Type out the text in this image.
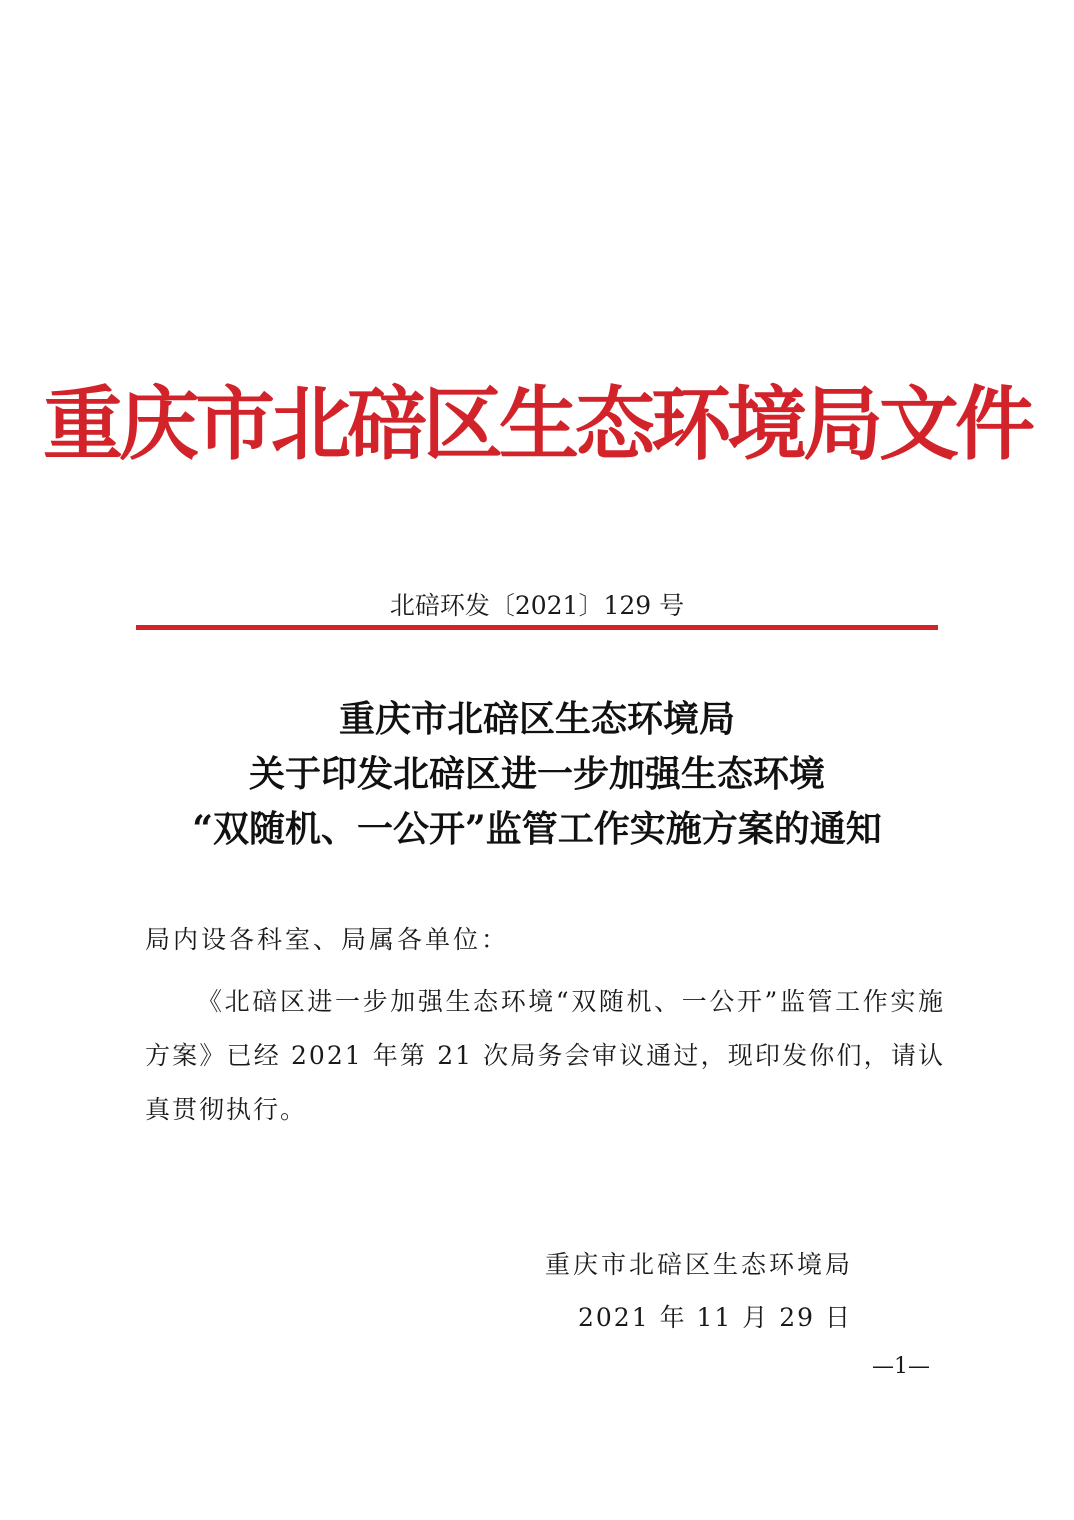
重庆市北碚区生态环境局文件
北碚环发〔2021〕129 号
重庆市北碚区生态环境局
关于印发北碚区进一步加强生态环境
“双随机、一公开”监管工作实施方案的通知
局内设各科室、局属各单位：
《北碚区进一步加强生态环境“双随机、一公开”监管工作实施方案》已经 2021 年第 21 次局务会审议通过，现印发你们，请认真贯彻执行。
重庆市北碚区生态环境局
2021 年 11 月 29 日
—1—
